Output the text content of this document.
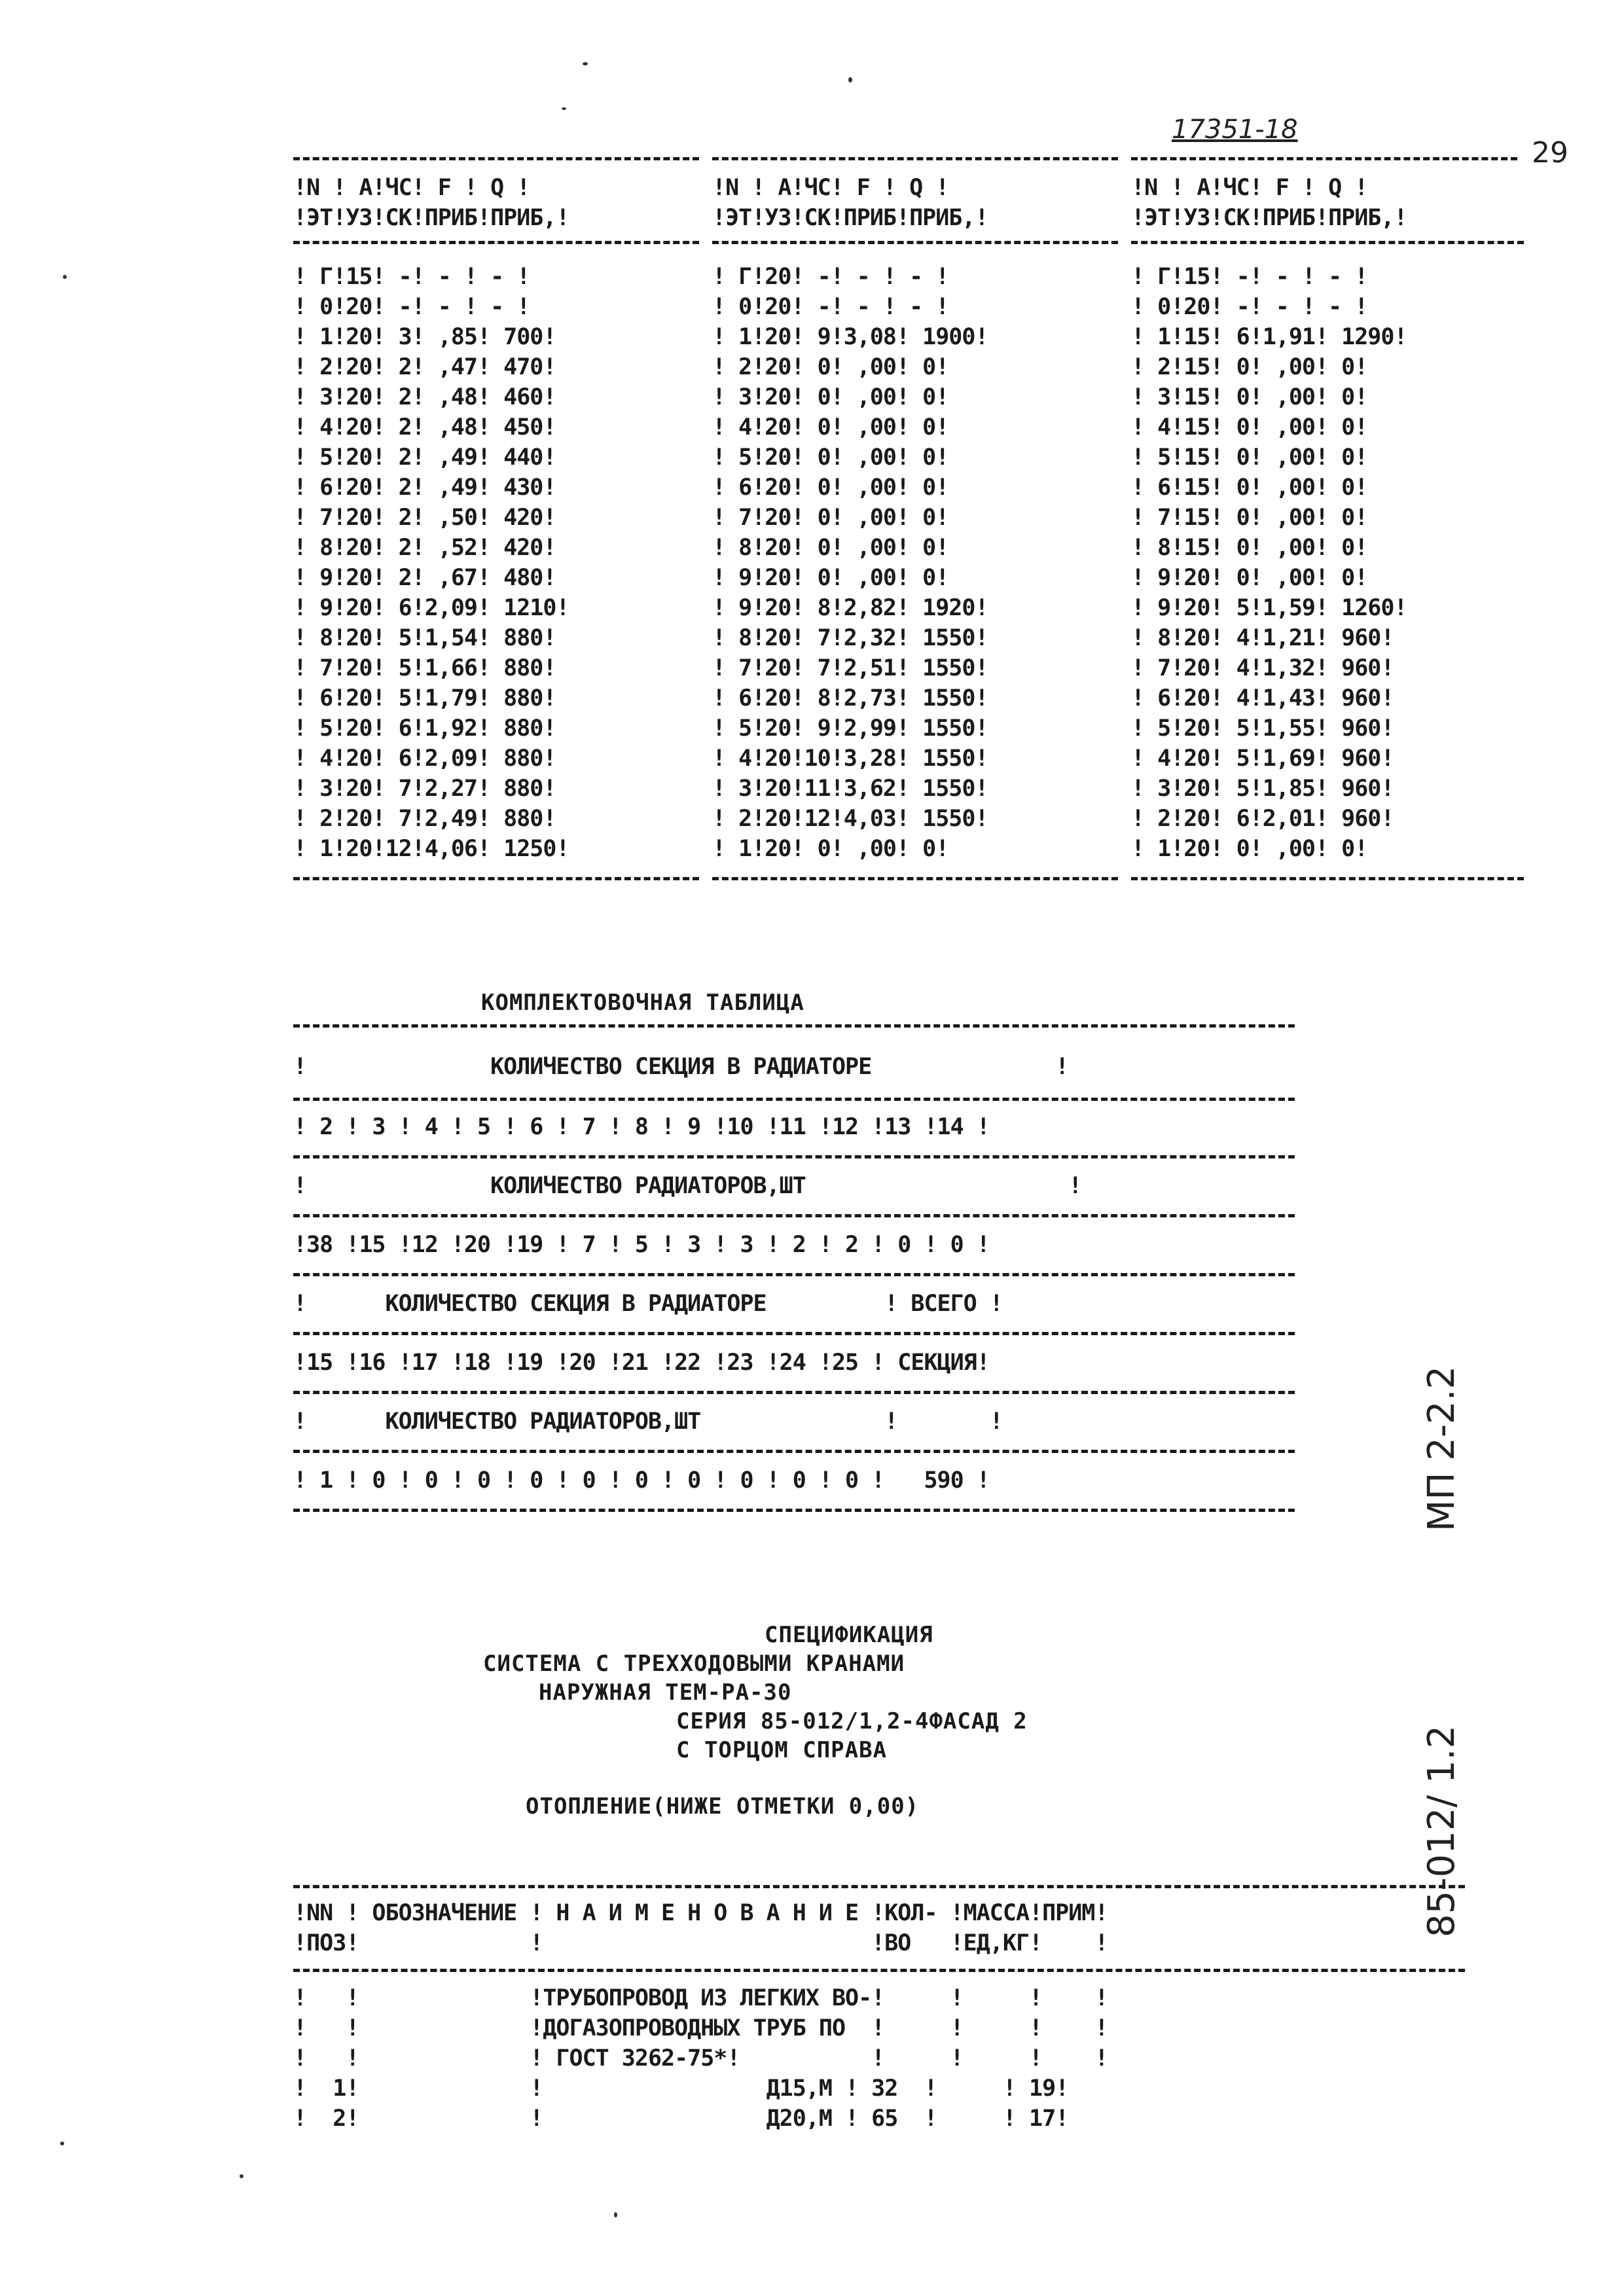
17351-18
29
!N ! A!ЧС! F ! Q !
!ЭТ!УЗ!СК!ПРИБ!ПРИБ,!
! Г!15! -! - ! - !
! 0!20! -! - ! - !
! 1!20! 3! ,85! 700!
! 2!20! 2! ,47! 470!
! 3!20! 2! ,48! 460!
! 4!20! 2! ,48! 450!
! 5!20! 2! ,49! 440!
! 6!20! 2! ,49! 430!
! 7!20! 2! ,50! 420!
! 8!20! 2! ,52! 420!
! 9!20! 2! ,67! 480!
! 9!20! 6!2,09! 1210!
! 8!20! 5!1,54! 880!
! 7!20! 5!1,66! 880!
! 6!20! 5!1,79! 880!
! 5!20! 6!1,92! 880!
! 4!20! 6!2,09! 880!
! 3!20! 7!2,27! 880!
! 2!20! 7!2,49! 880!
! 1!20!12!4,06! 1250!
!N ! A!ЧС! F ! Q !
!ЭТ!УЗ!СК!ПРИБ!ПРИБ,!
! Г!20! -! - ! - !
! 0!20! -! - ! - !
! 1!20! 9!3,08! 1900!
! 2!20! 0! ,00! 0!
! 3!20! 0! ,00! 0!
! 4!20! 0! ,00! 0!
! 5!20! 0! ,00! 0!
! 6!20! 0! ,00! 0!
! 7!20! 0! ,00! 0!
! 8!20! 0! ,00! 0!
! 9!20! 0! ,00! 0!
! 9!20! 8!2,82! 1920!
! 8!20! 7!2,32! 1550!
! 7!20! 7!2,51! 1550!
! 6!20! 8!2,73! 1550!
! 5!20! 9!2,99! 1550!
! 4!20!10!3,28! 1550!
! 3!20!11!3,62! 1550!
! 2!20!12!4,03! 1550!
! 1!20! 0! ,00! 0!
!N ! A!ЧС! F ! Q !
!ЭТ!УЗ!СК!ПРИБ!ПРИБ,!
! Г!15! -! - ! - !
! 0!20! -! - ! - !
! 1!15! 6!1,91! 1290!
! 2!15! 0! ,00! 0!
! 3!15! 0! ,00! 0!
! 4!15! 0! ,00! 0!
! 5!15! 0! ,00! 0!
! 6!15! 0! ,00! 0!
! 7!15! 0! ,00! 0!
! 8!15! 0! ,00! 0!
! 9!20! 0! ,00! 0!
! 9!20! 5!1,59! 1260!
! 8!20! 4!1,21! 960!
! 7!20! 4!1,32! 960!
! 6!20! 4!1,43! 960!
! 5!20! 5!1,55! 960!
! 4!20! 5!1,69! 960!
! 3!20! 5!1,85! 960!
! 2!20! 6!2,01! 960!
! 1!20! 0! ,00! 0!
КОМПЛЕКТОВОЧНАЯ ТАБЛИЦА
!              КОЛИЧЕСТВО СЕКЦИЯ В РАДИАТОРЕ              !
! 2 ! 3 ! 4 ! 5 ! 6 ! 7 ! 8 ! 9 !10 !11 !12 !13 !14 !
!              КОЛИЧЕСТВО РАДИАТОРОВ,ШТ                    !
!38 !15 !12 !20 !19 ! 7 ! 5 ! 3 ! 3 ! 2 ! 2 ! 0 ! 0 !
!      КОЛИЧЕСТВО СЕКЦИЯ В РАДИАТОРЕ         ! ВСЕГО !
!15 !16 !17 !18 !19 !20 !21 !22 !23 !24 !25 ! СЕКЦИЯ!
!      КОЛИЧЕСТВО РАДИАТОРОВ,ШТ              !       !
! 1 ! 0 ! 0 ! 0 ! 0 ! 0 ! 0 ! 0 ! 0 ! 0 ! 0 !   590 !
СПЕЦИФИКАЦИЯ
СИСТЕМА С ТРЕХХОДОВЫМИ КРАНАМИ
НАРУЖНАЯ ТЕМ-РА-30
СЕРИЯ 85-012/1,2-4ФАСАД 2
С ТОРЦОМ СПРАВА
ОТОПЛЕНИЕ(НИЖЕ ОТМЕТКИ 0,00)
!NN ! ОБОЗНАЧЕНИЕ ! Н А И М Е Н О В А Н И Е !КОЛ- !МАССА!ПРИМ!
!ПОЗ!             !                         !ВО   !ЕД,КГ!    !
!   !             !ТРУБОПРОВОД ИЗ ЛЕГКИХ ВО-!     !     !    !
!   !             !ДОГАЗОПРОВОДНЫХ ТРУБ ПО  !     !     !    !
!   !             ! ГОСТ 3262-75*!          !     !     !    !
!  1!             !                 Д15,М ! 32  !     ! 19!
!  2!             !                 Д20,М ! 65  !     ! 17!
85-012/ 1.2
МП 2-2.2
